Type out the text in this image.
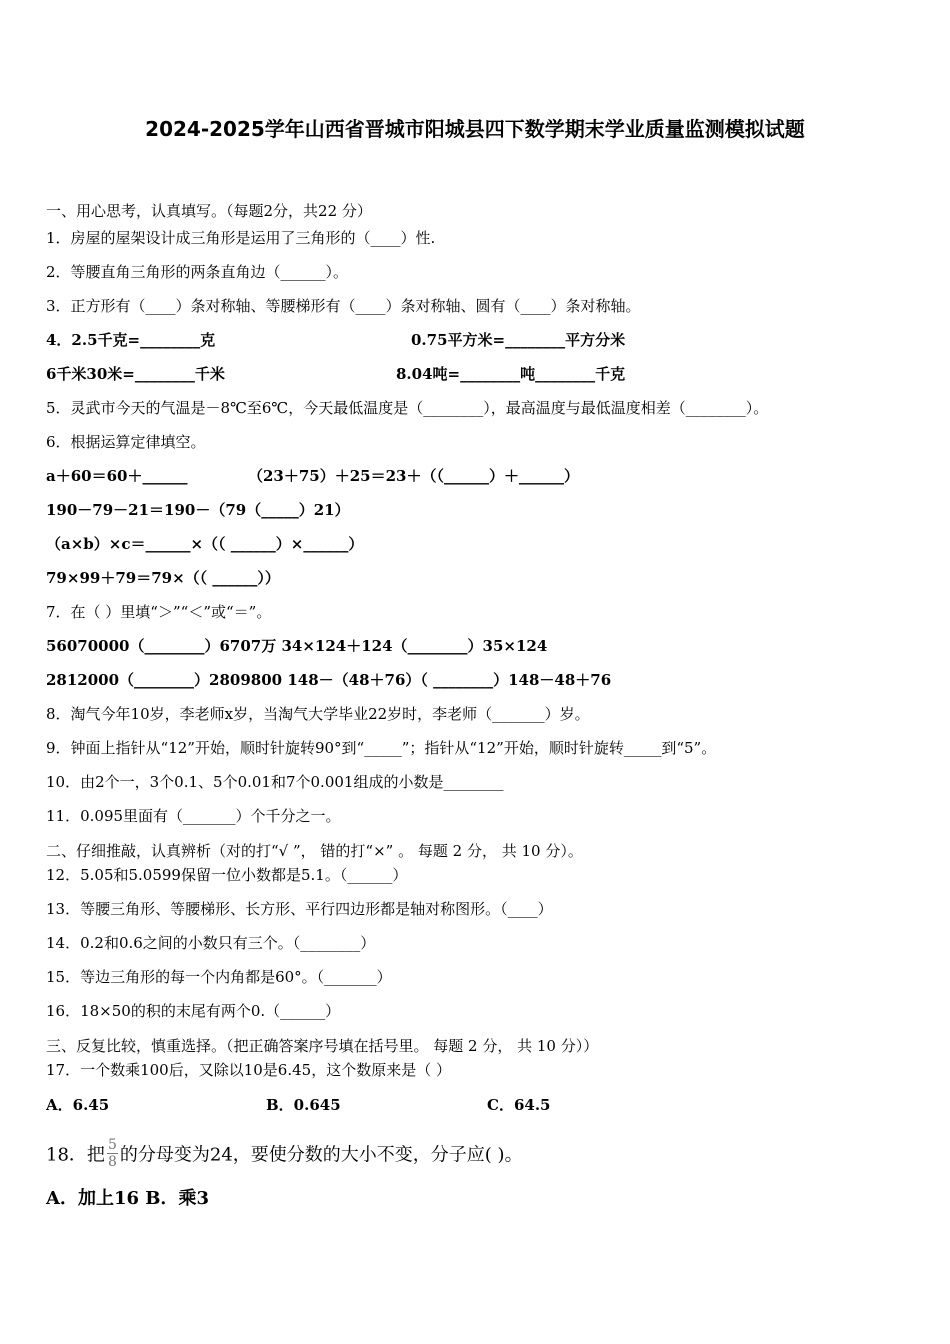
2024-2025学年山西省晋城市阳城县四下数学期末学业质量监测模拟试题
一、用心思考，认真填写。（每题2分，共22 分）
1．房屋的屋架设计成三角形是运用了三角形的（____）性.
2．等腰直角三角形的两条直角边（______）。
3．正方形有（____）条对称轴、等腰梯形有（____）条对称轴、圆有（____）条对称轴。
4．2.5千克=________克	0.75平方米=________平方分米
6千米30米=________千米	8.04吨=________吨________千克
5．灵武市今天的气温是－8℃至6℃，今天最低温度是（________），最高温度与最低温度相差（________）。
6．根据运算定律填空。
a＋60＝60＋______	（23＋75）＋25＝23＋（（______）＋______）
190－79－21＝190－（79（_____）21）
（a×b）×c＝______×（（ ______）×______）
79×99＋79＝79×（（ ______））
7．在（ ）里填“＞”“＜”或“＝”。
56070000（________）6707万 34×124＋124（________）35×124
2812000（________）2809800 148－（48＋76）（ ________）148－48＋76
8．淘气今年10岁，李老师x岁，当淘气大学毕业22岁时，李老师（_______）岁。
9．钟面上指针从“12”开始，顺时针旋转90°到“_____”；指针从“12”开始，顺时针旋转_____到“5”。
10．由2个一，3个0.1、5个0.01和7个0.001组成的小数是________
11．0.095里面有（_______）个千分之一。
二、仔细推敲，认真辨析（对的打“√ ”， 错的打“×” 。 每题 2 分， 共 10 分）。
12．5.05和5.0599保留一位小数都是5.1。（______）
13．等腰三角形、等腰梯形、长方形、平行四边形都是轴对称图形。（____）
14．0.2和0.6之间的小数只有三个。（________）
15．等边三角形的每一个内角都是60°。（_______）
16．18×50的积的末尾有两个0.（______）
三、反复比较，慎重选择。（把正确答案序号填在括号里。 每题 2 分， 共 10 分））
17．一个数乘100后，又除以10是6.45，这个数原来是（ ）
A．6.45	B．0.645	C．64.5
18．把 $\frac{5}{8}$ 的分母变为24，要使分数的大小不变，分子应( )。
A．加上16 B．乘3
